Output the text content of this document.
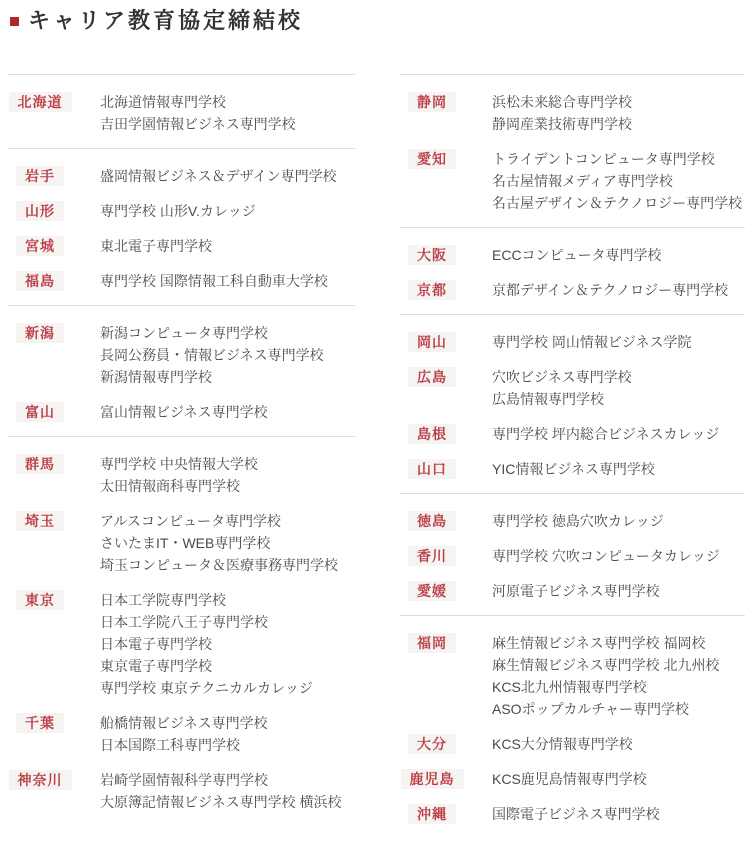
キャリア教育協定締結校
北海道	北海道情報専門学校
吉田学園情報ビジネス専門学校
岩手	盛岡情報ビジネス＆デザイン専門学校
山形	専門学校 山形V.カレッジ
宮城	東北電子専門学校
福島	専門学校 国際情報工科自動車大学校
新潟	新潟コンピュータ専門学校
長岡公務員・情報ビジネス専門学校
新潟情報専門学校
富山	富山情報ビジネス専門学校
群馬	専門学校 中央情報大学校
太田情報商科専門学校
埼玉	アルスコンピュータ専門学校
さいたまIT・WEB専門学校
埼玉コンピュータ＆医療事務専門学校
東京	日本工学院専門学校
日本工学院八王子専門学校
日本電子専門学校
東京電子専門学校
専門学校 東京テクニカルカレッジ
千葉	船橋情報ビジネス専門学校
日本国際工科専門学校
神奈川	岩崎学園情報科学専門学校
大原簿記情報ビジネス専門学校 横浜校
静岡	浜松未来総合専門学校
静岡産業技術専門学校
愛知	トライデントコンピュータ専門学校
名古屋情報メディア専門学校
名古屋デザイン＆テクノロジー専門学校
大阪	ECCコンピュータ専門学校
京都	京都デザイン＆テクノロジー専門学校
岡山	専門学校 岡山情報ビジネス学院
広島	穴吹ビジネス専門学校
広島情報専門学校
島根	専門学校 坪内総合ビジネスカレッジ
山口	YIC情報ビジネス専門学校
徳島	専門学校 徳島穴吹カレッジ
香川	専門学校 穴吹コンピュータカレッジ
愛媛	河原電子ビジネス専門学校
福岡	麻生情報ビジネス専門学校 福岡校
麻生情報ビジネス専門学校 北九州校
KCS北九州情報専門学校
ASOポップカルチャー専門学校
大分	KCS大分情報専門学校
鹿児島	KCS鹿児島情報専門学校
沖縄	国際電子ビジネス専門学校
